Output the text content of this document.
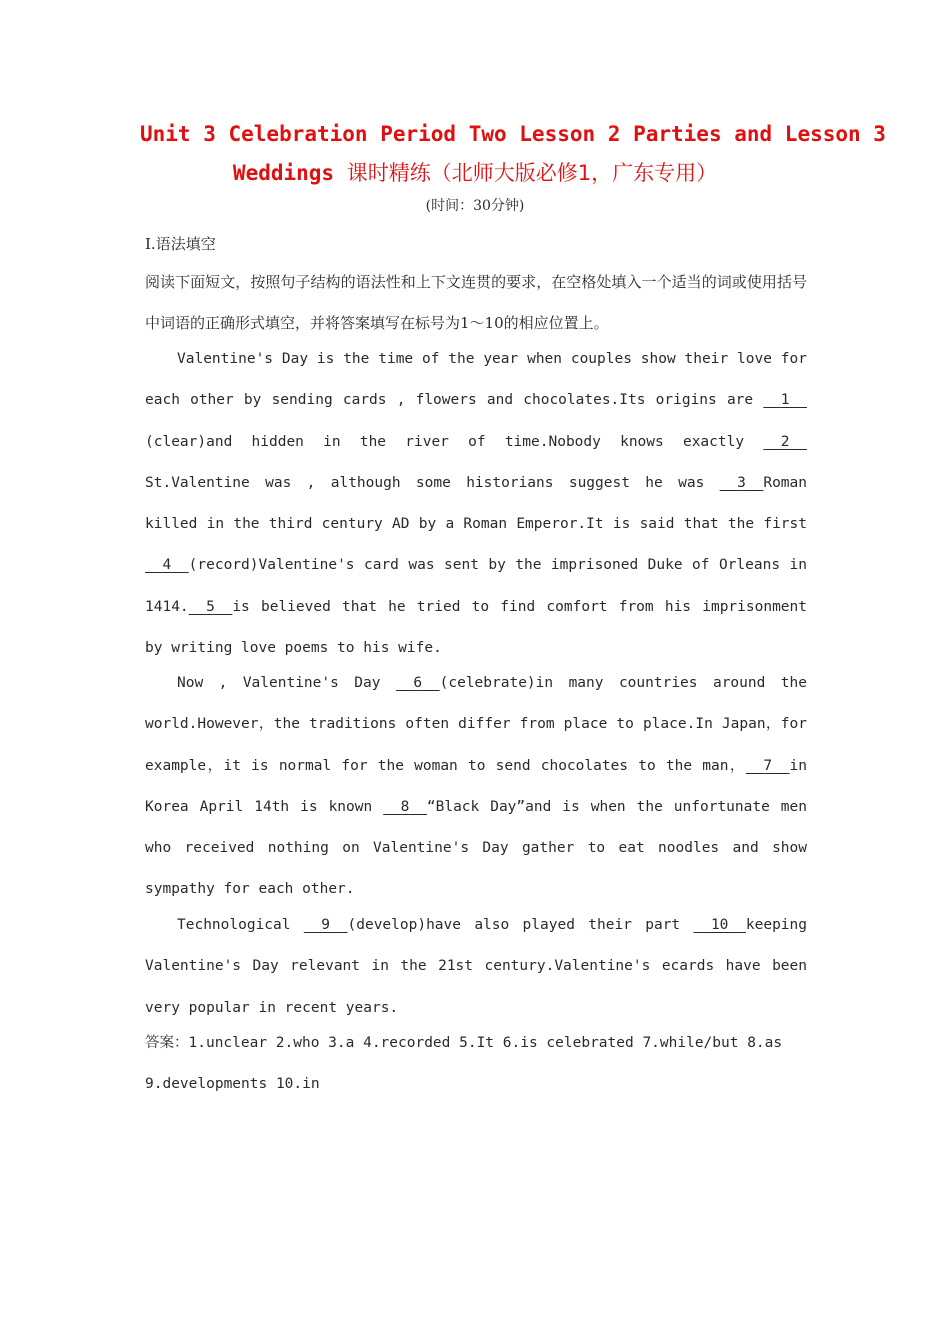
Unit 3 Celebration Period Two Lesson 2 Parties and Lesson 3
Weddings 课时精练（北师大版必修1，广东专用）
(时间：30分钟)
Ⅰ.语法填空
阅读下面短文，按照句子结构的语法性和上下文连贯的要求，在空格处填入一个适当的词或使用括号中词语的正确形式填空，并将答案填写在标号为1～10的相应位置上。
Valentine's Day is the time of the year when couples show their love for each other by sending cards , flowers and chocolates.Its origins are   1  (clear)and hidden in the river of time.Nobody knows exactly   2  St.Valentine was , although some historians suggest he was   3 Roman killed in the third century AD by a Roman Emperor.It is said that the first   4 (record)Valentine's card was sent by the imprisoned Duke of Orleans in 1414. 5 is believed that he tried to find comfort from his imprisonment by writing love poems to his wife.
Now , Valentine's Day   6 (celebrate)in many countries around the world.However，the traditions often differ from place to place.In Japan，for example，it is normal for the woman to send chocolates to the man， 7 in Korea April 14th is known   8 “Black Day”and is when the unfortunate men who received nothing on Valentine's Day gather to eat noodles and show sympathy for each other.
Technological   9 (develop)have also played their part   10 keeping Valentine's Day relevant in the 21st century.Valentine's ecards have been very popular in recent years.
答案：1.unclear 2.who 3.a 4.recorded 5.It 6.is celebrated 7.while/but 8.as 9.developments 10.in
